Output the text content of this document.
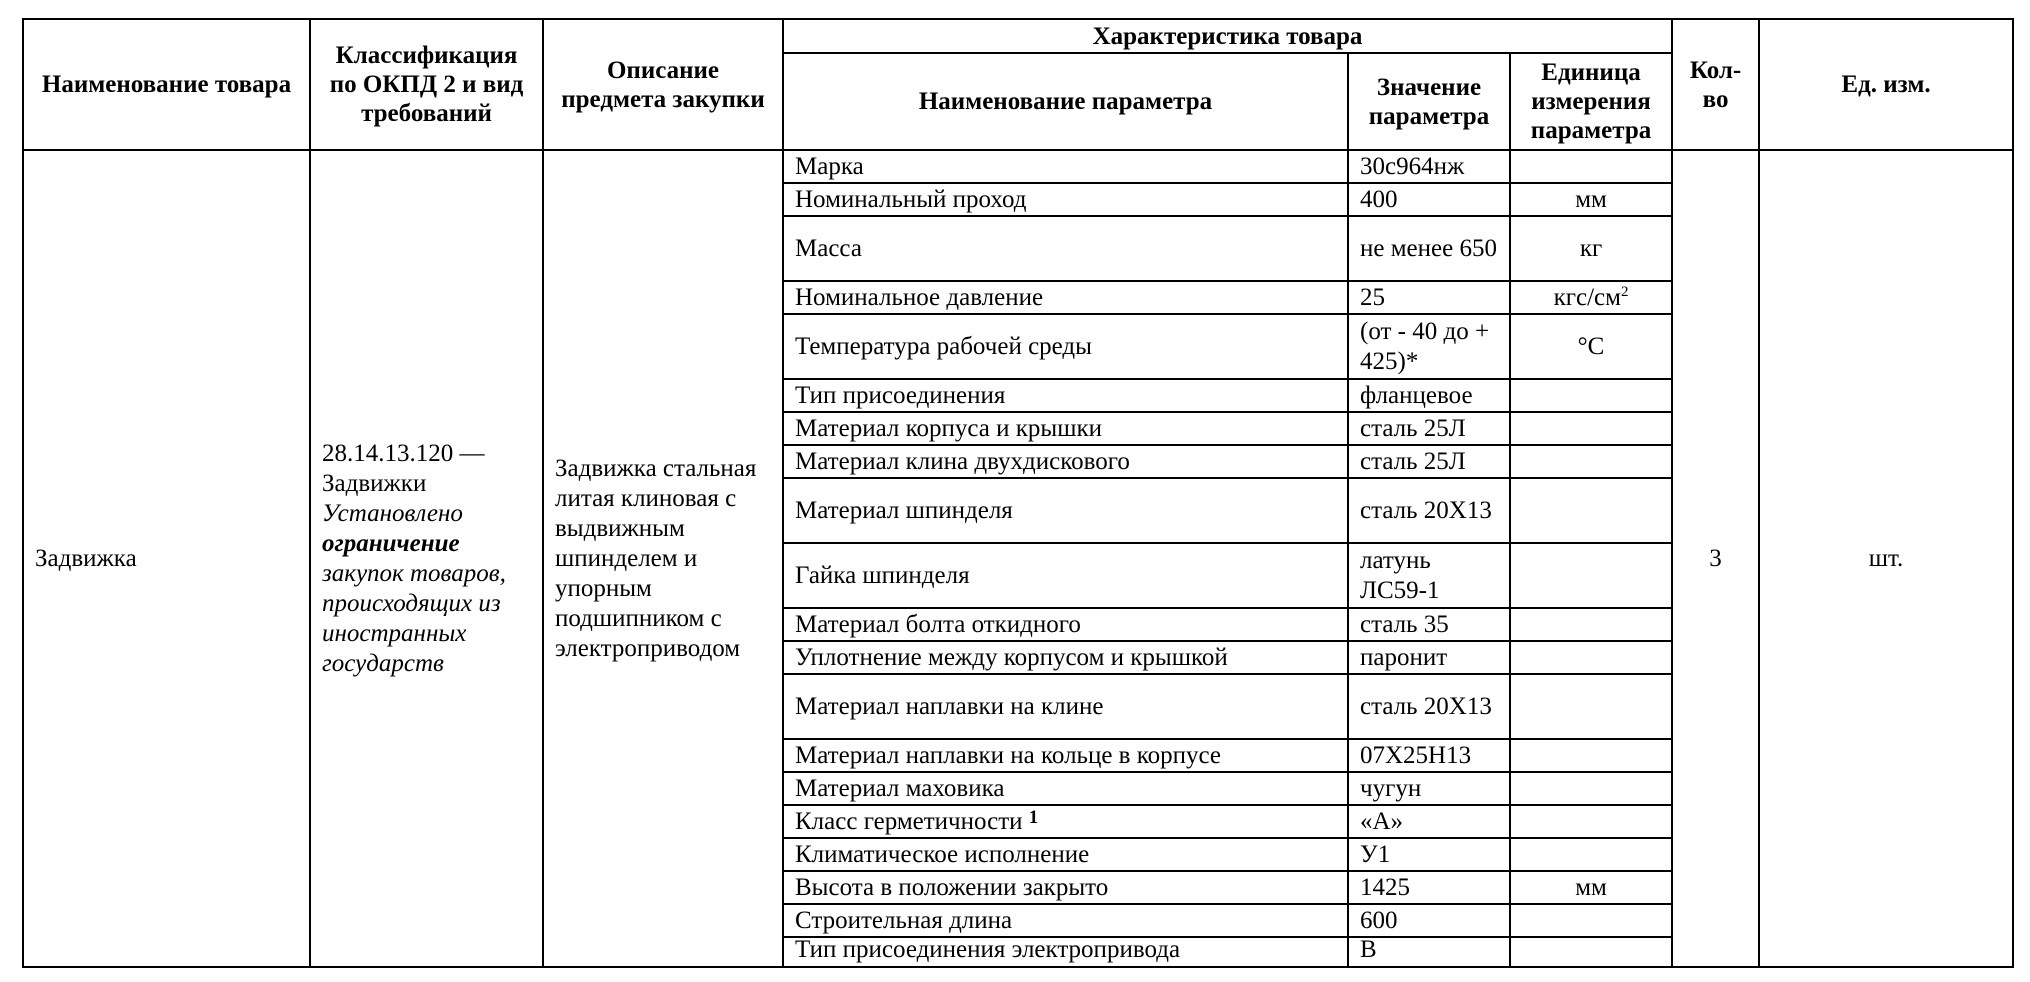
Наименование товара	Классификация по ОКПД 2 и вид требований	Описание предмета закупки	Характеристика товара			Кол-во	Ед. изм.
			Наименование параметра	Значение параметра	Единица измерения параметра		
Задвижка	28.14.13.120 —
Задвижки
Установлено
ограничение
закупок товаров, происходящих из иностранных государств	Задвижка стальная литая клиновая с выдвижным шпинделем и упорным подшипником с электроприводом	Марка	30с964нж		3	шт.
			Номинальный проход	400	мм		
			Масса	не менее 650	кг		
			Номинальное давление	25	кгс/$см^2$
			Температура рабочей среды	(от - 40 до + 425)*	°С		
			Тип присоединения	фланцевое			
			Материал корпуса и крышки	сталь 25Л			
			Материал клина двухдискового	сталь 25Л			
			Материал шпинделя	сталь 20Х13			
			Гайка шпинделя	латунь ЛС59-1			
			Материал болта откидного	сталь 35			
			Уплотнение между корпусом и крышкой	паронит			
			Материал наплавки на клине	сталь 20Х13			
			Материал наплавки на кольце в корпусе	07Х25Н13			
			Материал маховика	чугун			
			Класс герметичности $^1$	«А»			
			Климатическое исполнение	У1			
			Высота в положении закрыто	1425	мм		
			Строительная длина	600			
			Тип присоединения электропривода	В			
